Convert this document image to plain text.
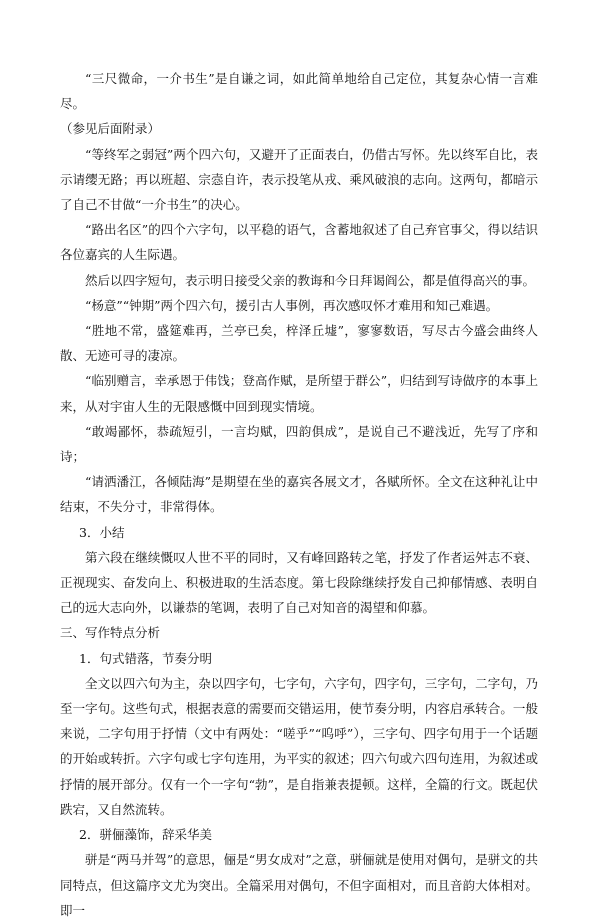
“三尺微命，一介书生”是自谦之词，如此简单地给自己定位，其复杂心情一言难尽。

（参见后面附录）

“等终军之弱冠”两个四六句，又避开了正面表白，仍借古写怀。先以终军自比，表示请缨无路；再以班超、宗悫自许，表示投笔从戎、乘风破浪的志向。这两句，都暗示了自己不甘做“一介书生”的决心。

“路出名区”的四个六字句，以平稳的语气，含蓄地叙述了自己弃官事父，得以结识各位嘉宾的人生际遇。

然后以四字短句，表示明日接受父亲的教诲和今日拜谒阎公，都是值得高兴的事。

“杨意”“钟期”两个四六句，援引古人事例，再次感叹怀才难用和知己难遇。

“胜地不常，盛筵难再，兰亭已矣，梓泽丘墟”，寥寥数语，写尽古今盛会曲终人散、无迹可寻的凄凉。

“临别赠言，幸承恩于伟饯；登高作赋，是所望于群公”，归结到写诗做序的本事上来，从对宇宙人生的无限感慨中回到现实情境。

“敢竭鄙怀，恭疏短引，一言均赋，四韵俱成”，是说自己不避浅近，先写了序和诗；

“请洒潘江，各倾陆海”是期望在坐的嘉宾各展文才，各赋所怀。全文在这种礼让中结束，不失分寸，非常得体。

3．小结

第六段在继续慨叹人世不平的同时，又有峰回路转之笔，抒发了作者运舛志不衰、正视现实、奋发向上、积极进取的生活态度。第七段除继续抒发自己抑郁情感、表明自己的远大志向外，以谦恭的笔调，表明了自己对知音的渴望和仰慕。

三、写作特点分析

1．句式错落，节奏分明

全文以四六句为主，杂以四字句，七字句，六字句，四字句，三字句，二字句，乃至一字句。这些句式，根据表意的需要而交错运用，使节奏分明，内容启承转合。一般来说，二字句用于抒情（文中有两处：“嗟乎”“呜呼”），三字句、四字句用于一个话题的开始或转折。六字句或七字句连用，为平实的叙述；四六句或六四句连用，为叙述或抒情的展开部分。仅有一个一字句“勃”，是自指兼表提顿。这样，全篇的行文。既起伏跌宕，又自然流转。

2．骈俪藻饰，辞采华美

骈是“两马并驾”的意思，俪是“男女成对”之意，骈俪就是使用对偶句，是骈文的共同特点，但这篇序文尤为突出。全篇采用对偶句，不但字面相对，而且音韵大体相对。即一
